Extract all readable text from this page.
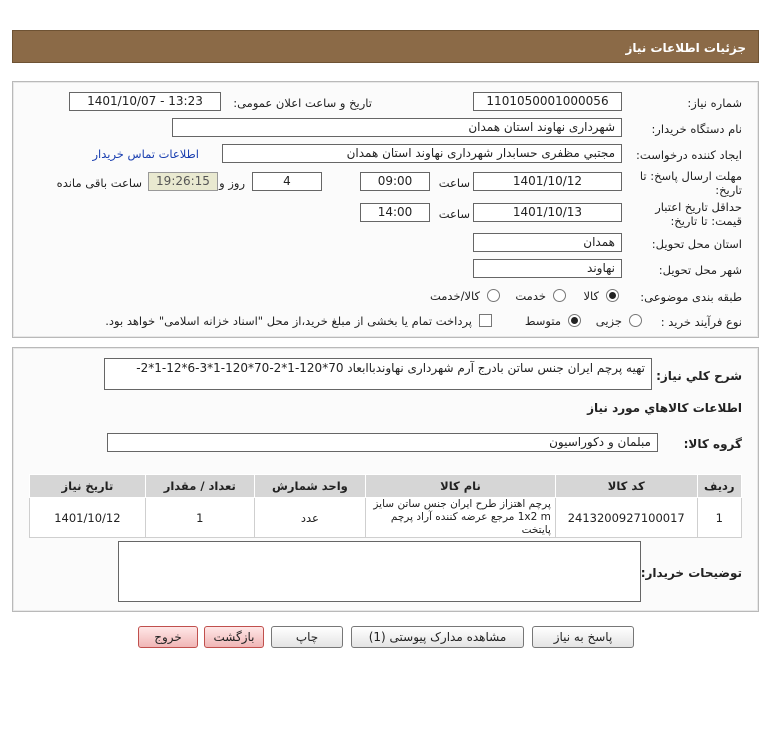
جزئیات اطلاعات نیاز
شماره نیاز:
1101050001000056
تاریخ و ساعت اعلان عمومی:
1401/10/07 - 13:23
نام دستگاه خریدار:
شهرداری نهاوند استان همدان
ایجاد کننده درخواست:
مجتبي مظفری حسابدار شهرداری نهاوند استان همدان
اطلاعات تماس خریدار
مهلت ارسال پاسخ: تا
تاریخ:
1401/10/12
ساعت
09:00
4
روز و
19:26:15
ساعت باقی مانده
حداقل تاریخ اعتبار
قیمت: تا تاریخ:
1401/10/13
ساعت
14:00
استان محل تحویل:
همدان
شهر محل تحویل:
نهاوند
طبقه بندی موضوعی:
کالا
خدمت
کالا/خدمت
نوع فرآیند خرید :
جزیی
متوسط
پرداخت تمام یا بخشی از مبلغ خرید،از محل "اسناد خزانه اسلامی" خواهد بود.
شرح کلي نياز:
تهیه پرچم ایران جنس ساتن بادرج آرم شهرداری نهاوندباابعاد 70*120-1*2-70*120-1*3-6*12-1*2-
اطلاعات کالاهاي مورد نياز
گروه کالا:
مبلمان و دکوراسیون
ردیف	کد کالا	نام کالا	واحد شمارش	تعداد / مقدار	تاریخ نیاز
1	2413200927100017	پرچم اهتزاز طرح ایران جنس ساتن سایز 1x2 m مرجع عرضه کننده آراد پرچم پایتخت	عدد	1	1401/10/12
توضیحات خریدار:
پاسخ به نیاز
مشاهده مدارک پیوستی (1)
چاپ
بازگشت
خروج
